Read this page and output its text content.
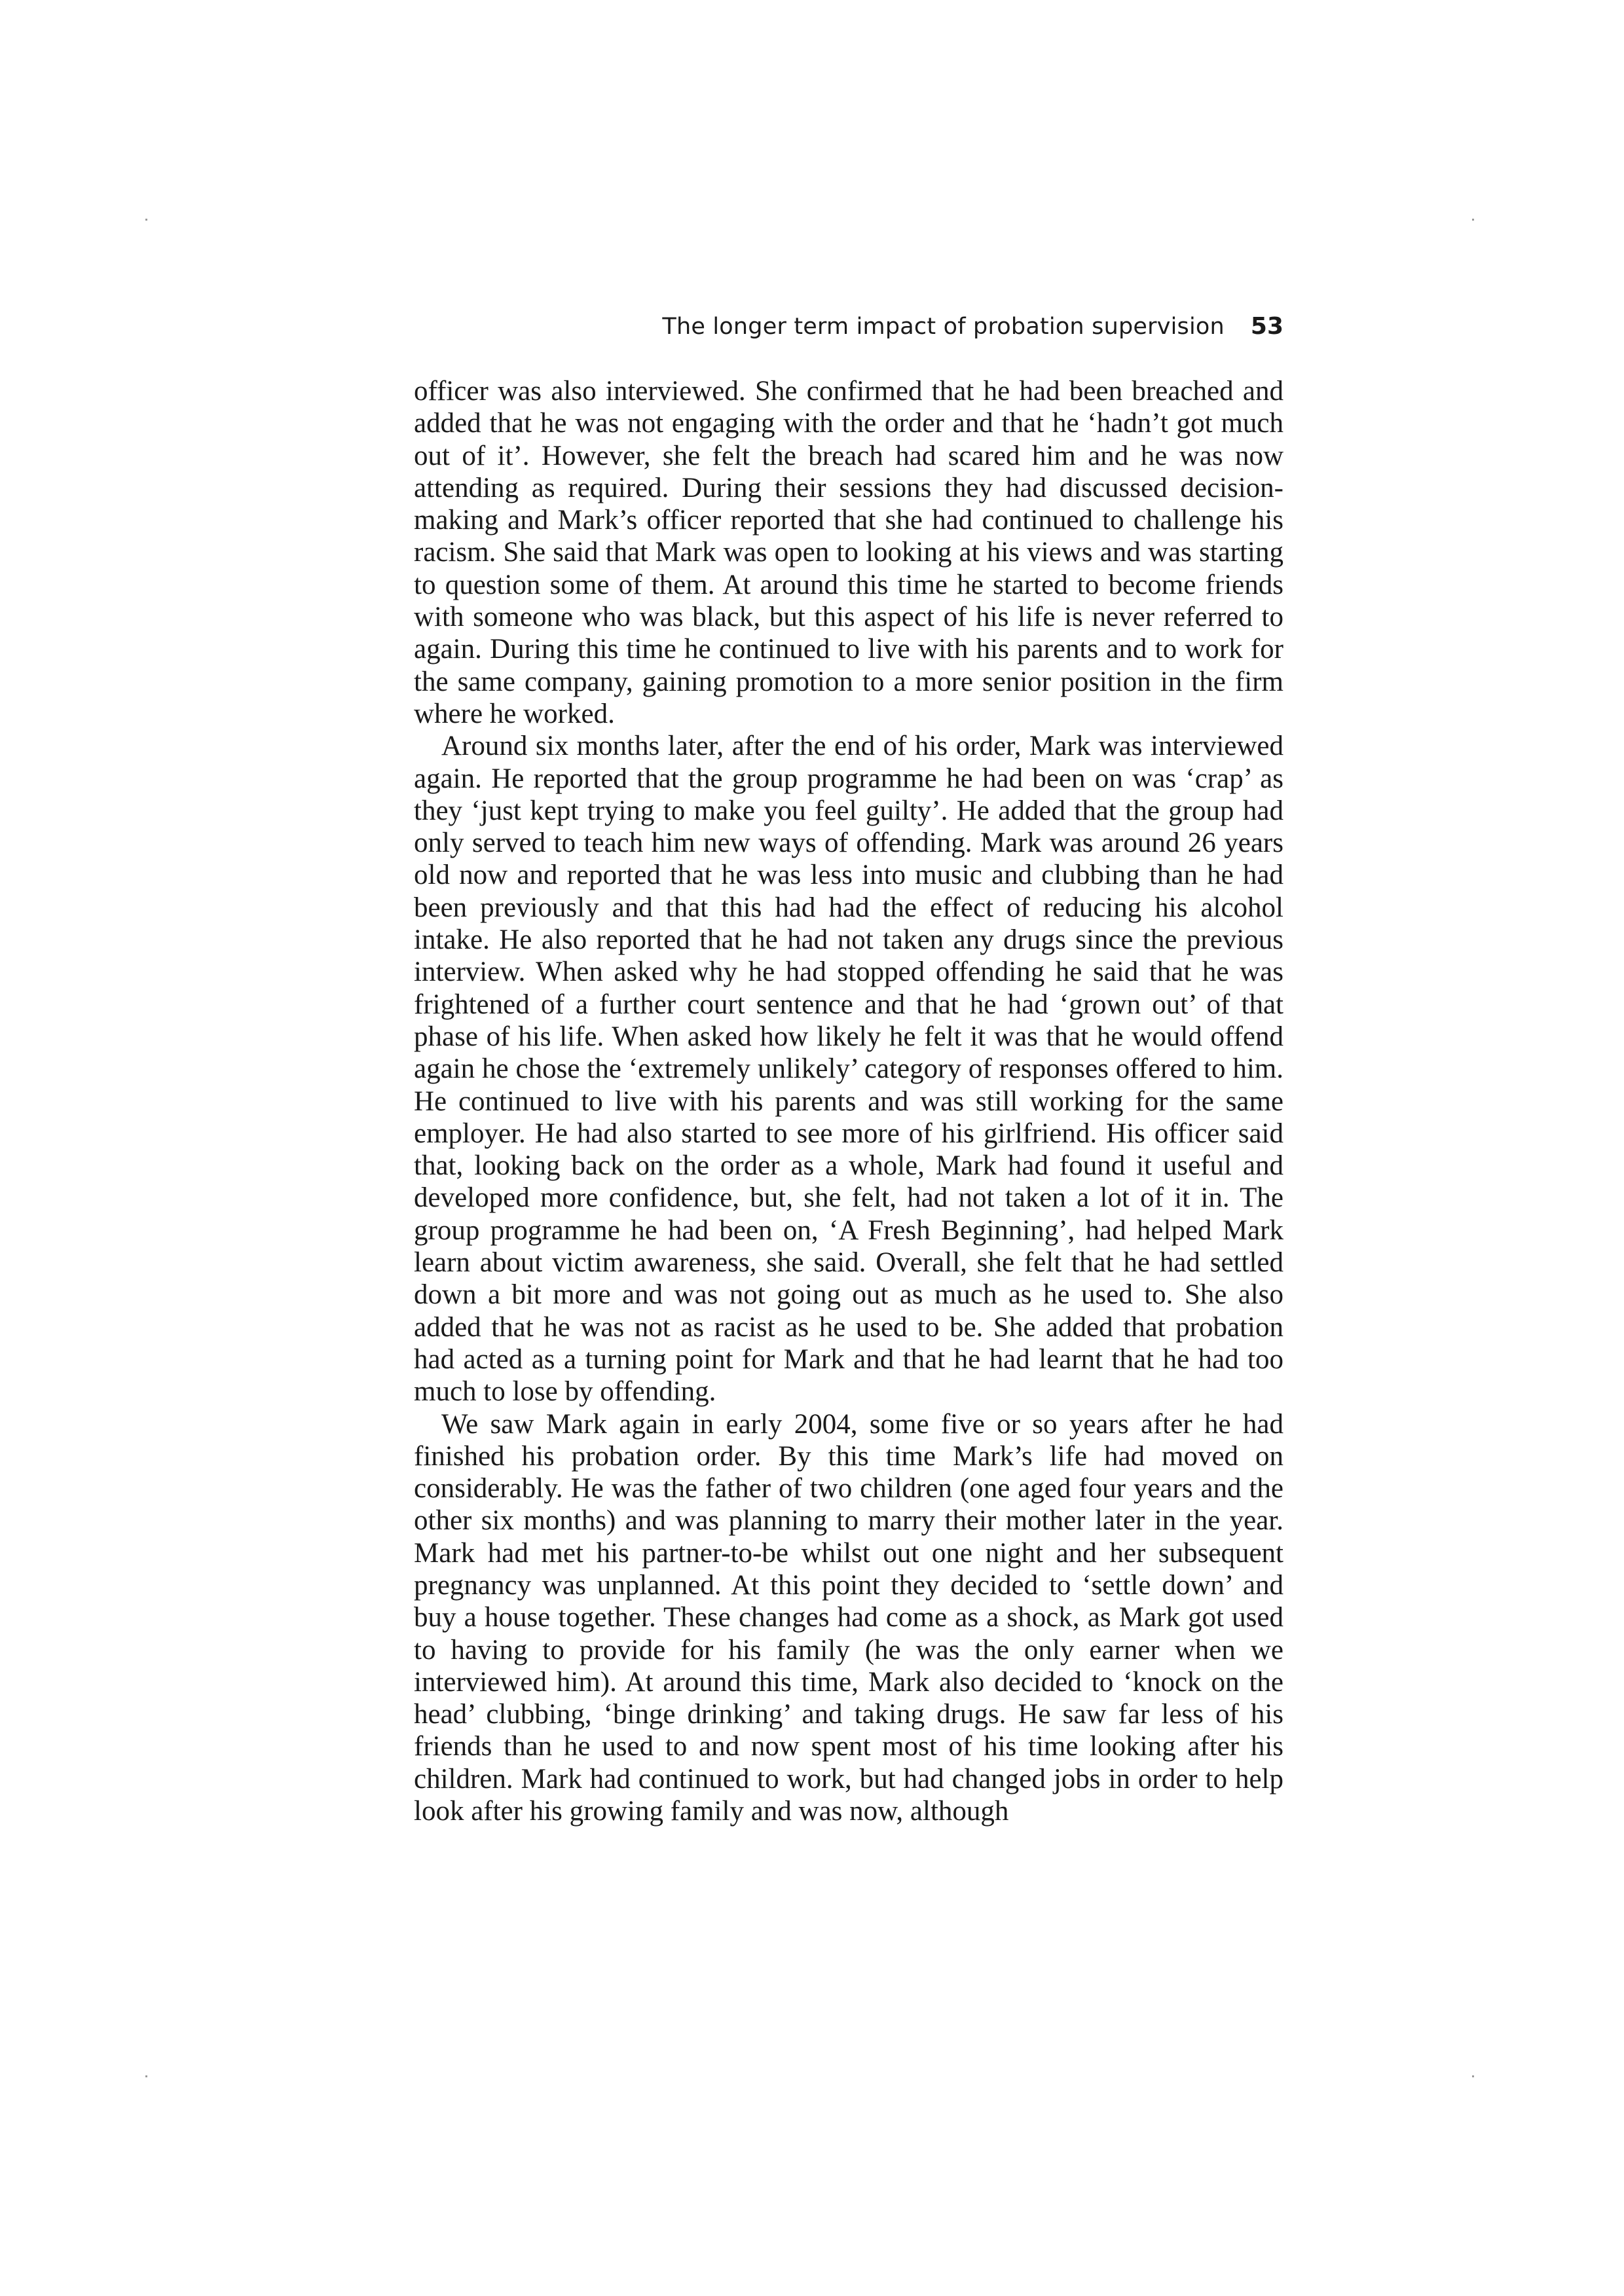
The longer term impact of probation supervision 53

officer was also interviewed. She confirmed that he had been breached and added that he was not engaging with the order and that he ‘hadn’t got much out of it’. However, she felt the breach had scared him and he was now attending as required. During their sessions they had discussed decision-making and Mark’s officer reported that she had continued to challenge his racism. She said that Mark was open to looking at his views and was starting to question some of them. At around this time he started to become friends with someone who was black, but this aspect of his life is never referred to again. During this time he continued to live with his parents and to work for the same company, gaining promotion to a more senior position in the firm where he worked.

Around six months later, after the end of his order, Mark was interviewed again. He reported that the group programme he had been on was ‘crap’ as they ‘just kept trying to make you feel guilty’. He added that the group had only served to teach him new ways of offending. Mark was around 26 years old now and reported that he was less into music and clubbing than he had been previously and that this had had the effect of reducing his alcohol intake. He also reported that he had not taken any drugs since the previous interview. When asked why he had stopped offending he said that he was frightened of a further court sentence and that he had ‘grown out’ of that phase of his life. When asked how likely he felt it was that he would offend again he chose the ‘extremely unlikely’ category of responses offered to him. He continued to live with his parents and was still working for the same employer. He had also started to see more of his girlfriend. His officer said that, looking back on the order as a whole, Mark had found it useful and developed more confidence, but, she felt, had not taken a lot of it in. The group programme he had been on, ‘A Fresh Beginning’, had helped Mark learn about victim awareness, she said. Overall, she felt that he had settled down a bit more and was not going out as much as he used to. She also added that he was not as racist as he used to be. She added that probation had acted as a turning point for Mark and that he had learnt that he had too much to lose by offending.

We saw Mark again in early 2004, some five or so years after he had finished his probation order. By this time Mark’s life had moved on considerably. He was the father of two children (one aged four years and the other six months) and was planning to marry their mother later in the year. Mark had met his partner-to-be whilst out one night and her subsequent pregnancy was unplanned. At this point they decided to ‘settle down’ and buy a house together. These changes had come as a shock, as Mark got used to having to provide for his family (he was the only earner when we interviewed him). At around this time, Mark also decided to ‘knock on the head’ clubbing, ‘binge drinking’ and taking drugs. He saw far less of his friends than he used to and now spent most of his time looking after his children. Mark had continued to work, but had changed jobs in order to help look after his growing family and was now, although
